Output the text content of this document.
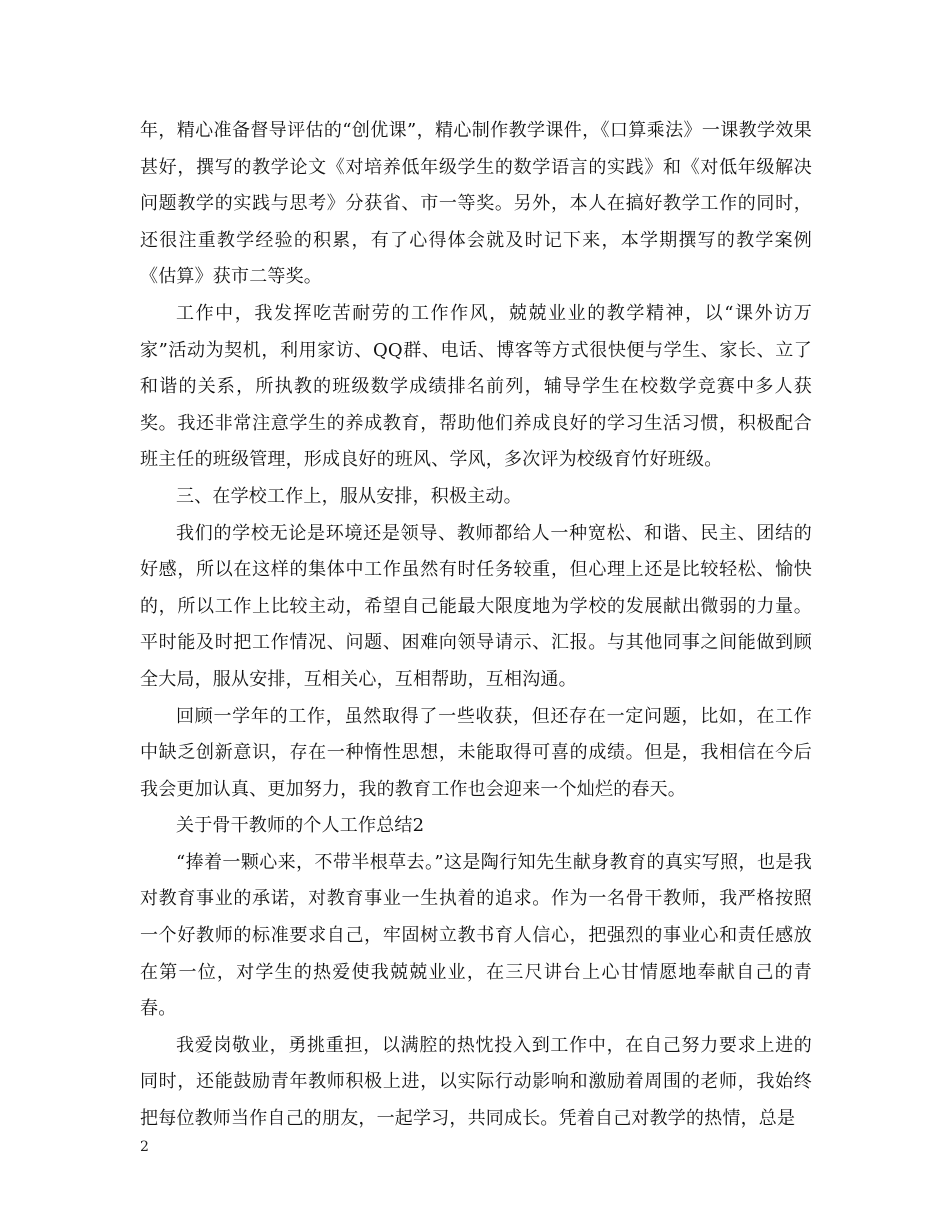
年，精心准备督导评估的“创优课”，精心制作教学课件，《口算乘法》一课教学效果甚好，撰写的教学论文《对培养低年级学生的数学语言的实践》和《对低年级解决问题教学的实践与思考》分获省、市一等奖。另外，本人在搞好教学工作的同时，还很注重教学经验的积累，有了心得体会就及时记下来，本学期撰写的教学案例《估算》获市二等奖。

工作中，我发挥吃苦耐劳的工作作风，兢兢业业的教学精神，以“课外访万家”活动为契机，利用家访、QQ群、电话、博客等方式很快便与学生、家长、立了和谐的关系，所执教的班级数学成绩排名前列，辅导学生在校数学竞赛中多人获奖。我还非常注意学生的养成教育，帮助他们养成良好的学习生活习惯，积极配合班主任的班级管理，形成良好的班风、学风，多次评为校级育竹好班级。

三、在学校工作上，服从安排，积极主动。

我们的学校无论是环境还是领导、教师都给人一种宽松、和谐、民主、团结的好感，所以在这样的集体中工作虽然有时任务较重，但心理上还是比较轻松、愉快的，所以工作上比较主动，希望自己能最大限度地为学校的发展献出微弱的力量。平时能及时把工作情况、问题、困难向领导请示、汇报。与其他同事之间能做到顾全大局，服从安排，互相关心，互相帮助，互相沟通。

回顾一学年的工作，虽然取得了一些收获，但还存在一定问题，比如，在工作中缺乏创新意识，存在一种惰性思想，未能取得可喜的成绩。但是，我相信在今后我会更加认真、更加努力，我的教育工作也会迎来一个灿烂的春天。

关于骨干教师的个人工作总结2

“捧着一颗心来，不带半根草去。”这是陶行知先生献身教育的真实写照，也是我对教育事业的承诺，对教育事业一生执着的追求。作为一名骨干教师，我严格按照一个好教师的标准要求自己，牢固树立教书育人信心，把强烈的事业心和责任感放在第一位，对学生的热爱使我兢兢业业，在三尺讲台上心甘情愿地奉献自己的青春。

我爱岗敬业，勇挑重担，以满腔的热忱投入到工作中，在自己努力要求上进的同时，还能鼓励青年教师积极上进，以实际行动影响和激励着周围的老师，我始终把每位教师当作自己的朋友，一起学习，共同成长。凭着自己对教学的热情，总是

2
